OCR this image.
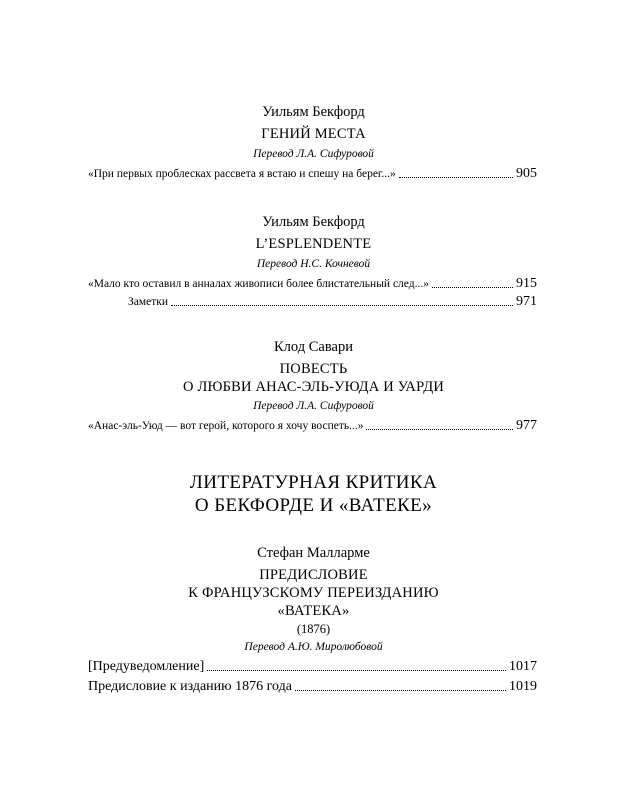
Уильям Бекфорд
ГЕНИЙ МЕСТА
Перевод Л.А. Сифуровой
«При первых проблесках рассвета я встаю и спешу на берег...»	905
Уильям Бекфорд
L’ESPLENDENTE
Перевод Н.С. Кочневой
«Мало кто оставил в анналах живописи более блистательный след...»	915
Заметки	971
Клод Савари
ПОВЕСТЬ
О ЛЮБВИ АНАС-ЭЛЬ-УЮДА И УАРДИ
Перевод Л.А. Сифуровой
«Анас-эль-Уюд — вот герой, которого я хочу воспеть...»	977
ЛИТЕРАТУРНАЯ КРИТИКА
О БЕКФОРДЕ И «ВАТЕКЕ»
Стефан Малларме
ПРЕДИСЛОВИЕ
К ФРАНЦУЗСКОМУ ПЕРЕИЗДАНИЮ
«ВАТЕКА»
(1876)
Перевод А.Ю. Миролюбовой
[Предуведомление]	1017
Предисловие к изданию 1876 года	1019
